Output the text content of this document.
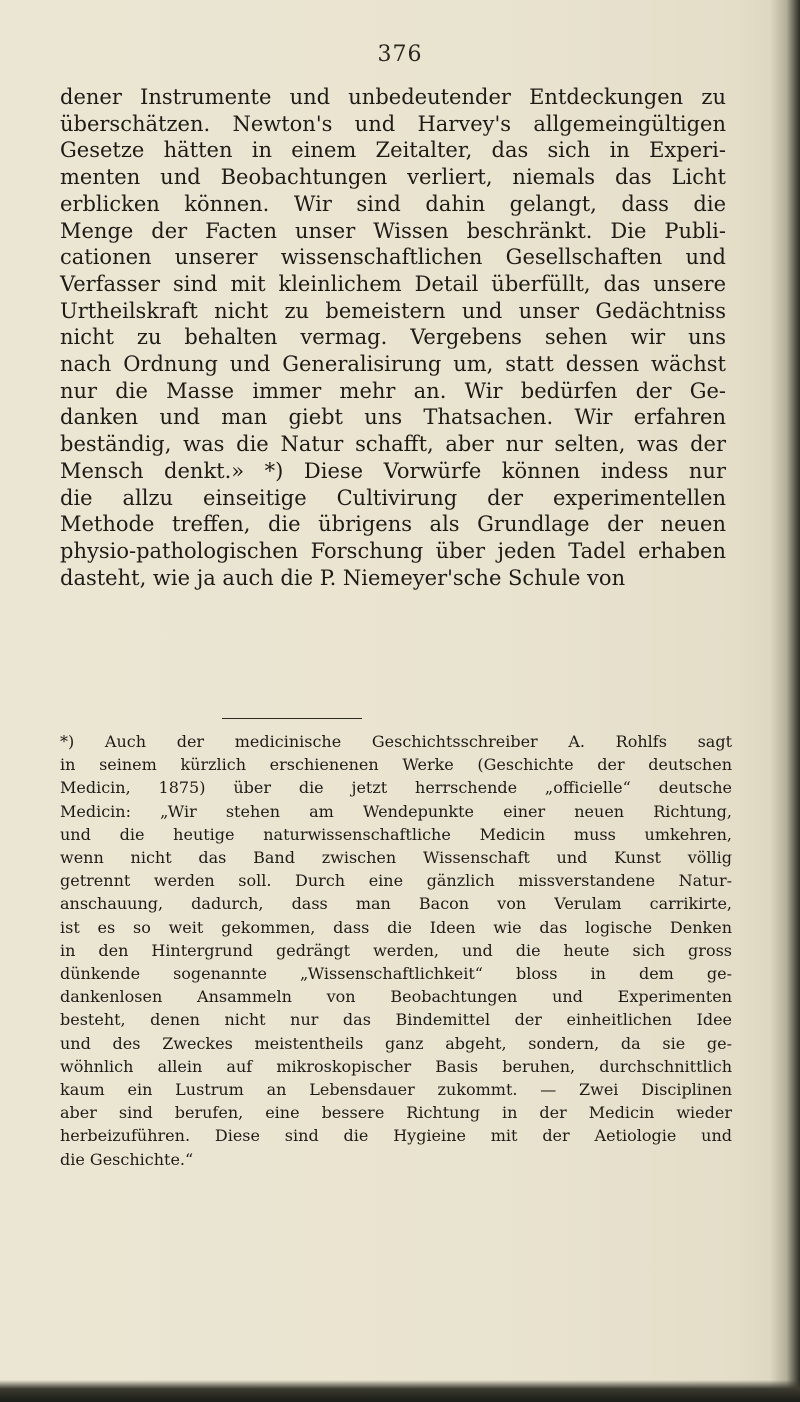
376
dener Instrumente und unbedeutender Entdeckungen zu
überschätzen. Newton's und Harvey's allgemeingültigen
Gesetze hätten in einem Zeitalter, das sich in Experi-
menten und Beobachtungen verliert, niemals das Licht
erblicken können. Wir sind dahin gelangt, dass die
Menge der Facten unser Wissen beschränkt. Die Publi-
cationen unserer wissenschaftlichen Gesellschaften und
Verfasser sind mit kleinlichem Detail überfüllt, das unsere
Urtheilskraft nicht zu bemeistern und unser Gedächtniss
nicht zu behalten vermag. Vergebens sehen wir uns
nach Ordnung und Generalisirung um, statt dessen wächst
nur die Masse immer mehr an. Wir bedürfen der Ge-
danken und man giebt uns Thatsachen. Wir erfahren
beständig, was die Natur schafft, aber nur selten, was der
Mensch denkt.» *) Diese Vorwürfe können indess nur
die allzu einseitige Cultivirung der experimentellen
Methode treffen, die übrigens als Grundlage der neuen
physio-pathologischen Forschung über jeden Tadel erhaben
dasteht, wie ja auch die P. Niemeyer'sche Schule von
*) Auch der medicinische Geschichtsschreiber A. Rohlfs sagt
in seinem kürzlich erschienenen Werke (Geschichte der deutschen
Medicin, 1875) über die jetzt herrschende „officielle“ deutsche
Medicin: „Wir stehen am Wendepunkte einer neuen Richtung,
und die heutige naturwissenschaftliche Medicin muss umkehren,
wenn nicht das Band zwischen Wissenschaft und Kunst völlig
getrennt werden soll. Durch eine gänzlich missverstandene Natur-
anschauung, dadurch, dass man Bacon von Verulam carrikirte,
ist es so weit gekommen, dass die Ideen wie das logische Denken
in den Hintergrund gedrängt werden, und die heute sich gross
dünkende sogenannte „Wissenschaftlichkeit“ bloss in dem ge-
dankenlosen Ansammeln von Beobachtungen und Experimenten
besteht, denen nicht nur das Bindemittel der einheitlichen Idee
und des Zweckes meistentheils ganz abgeht, sondern, da sie ge-
wöhnlich allein auf mikroskopischer Basis beruhen, durchschnittlich
kaum ein Lustrum an Lebensdauer zukommt. — Zwei Disciplinen
aber sind berufen, eine bessere Richtung in der Medicin wieder
herbeizuführen. Diese sind die Hygieine mit der Aetiologie und
die Geschichte.“
